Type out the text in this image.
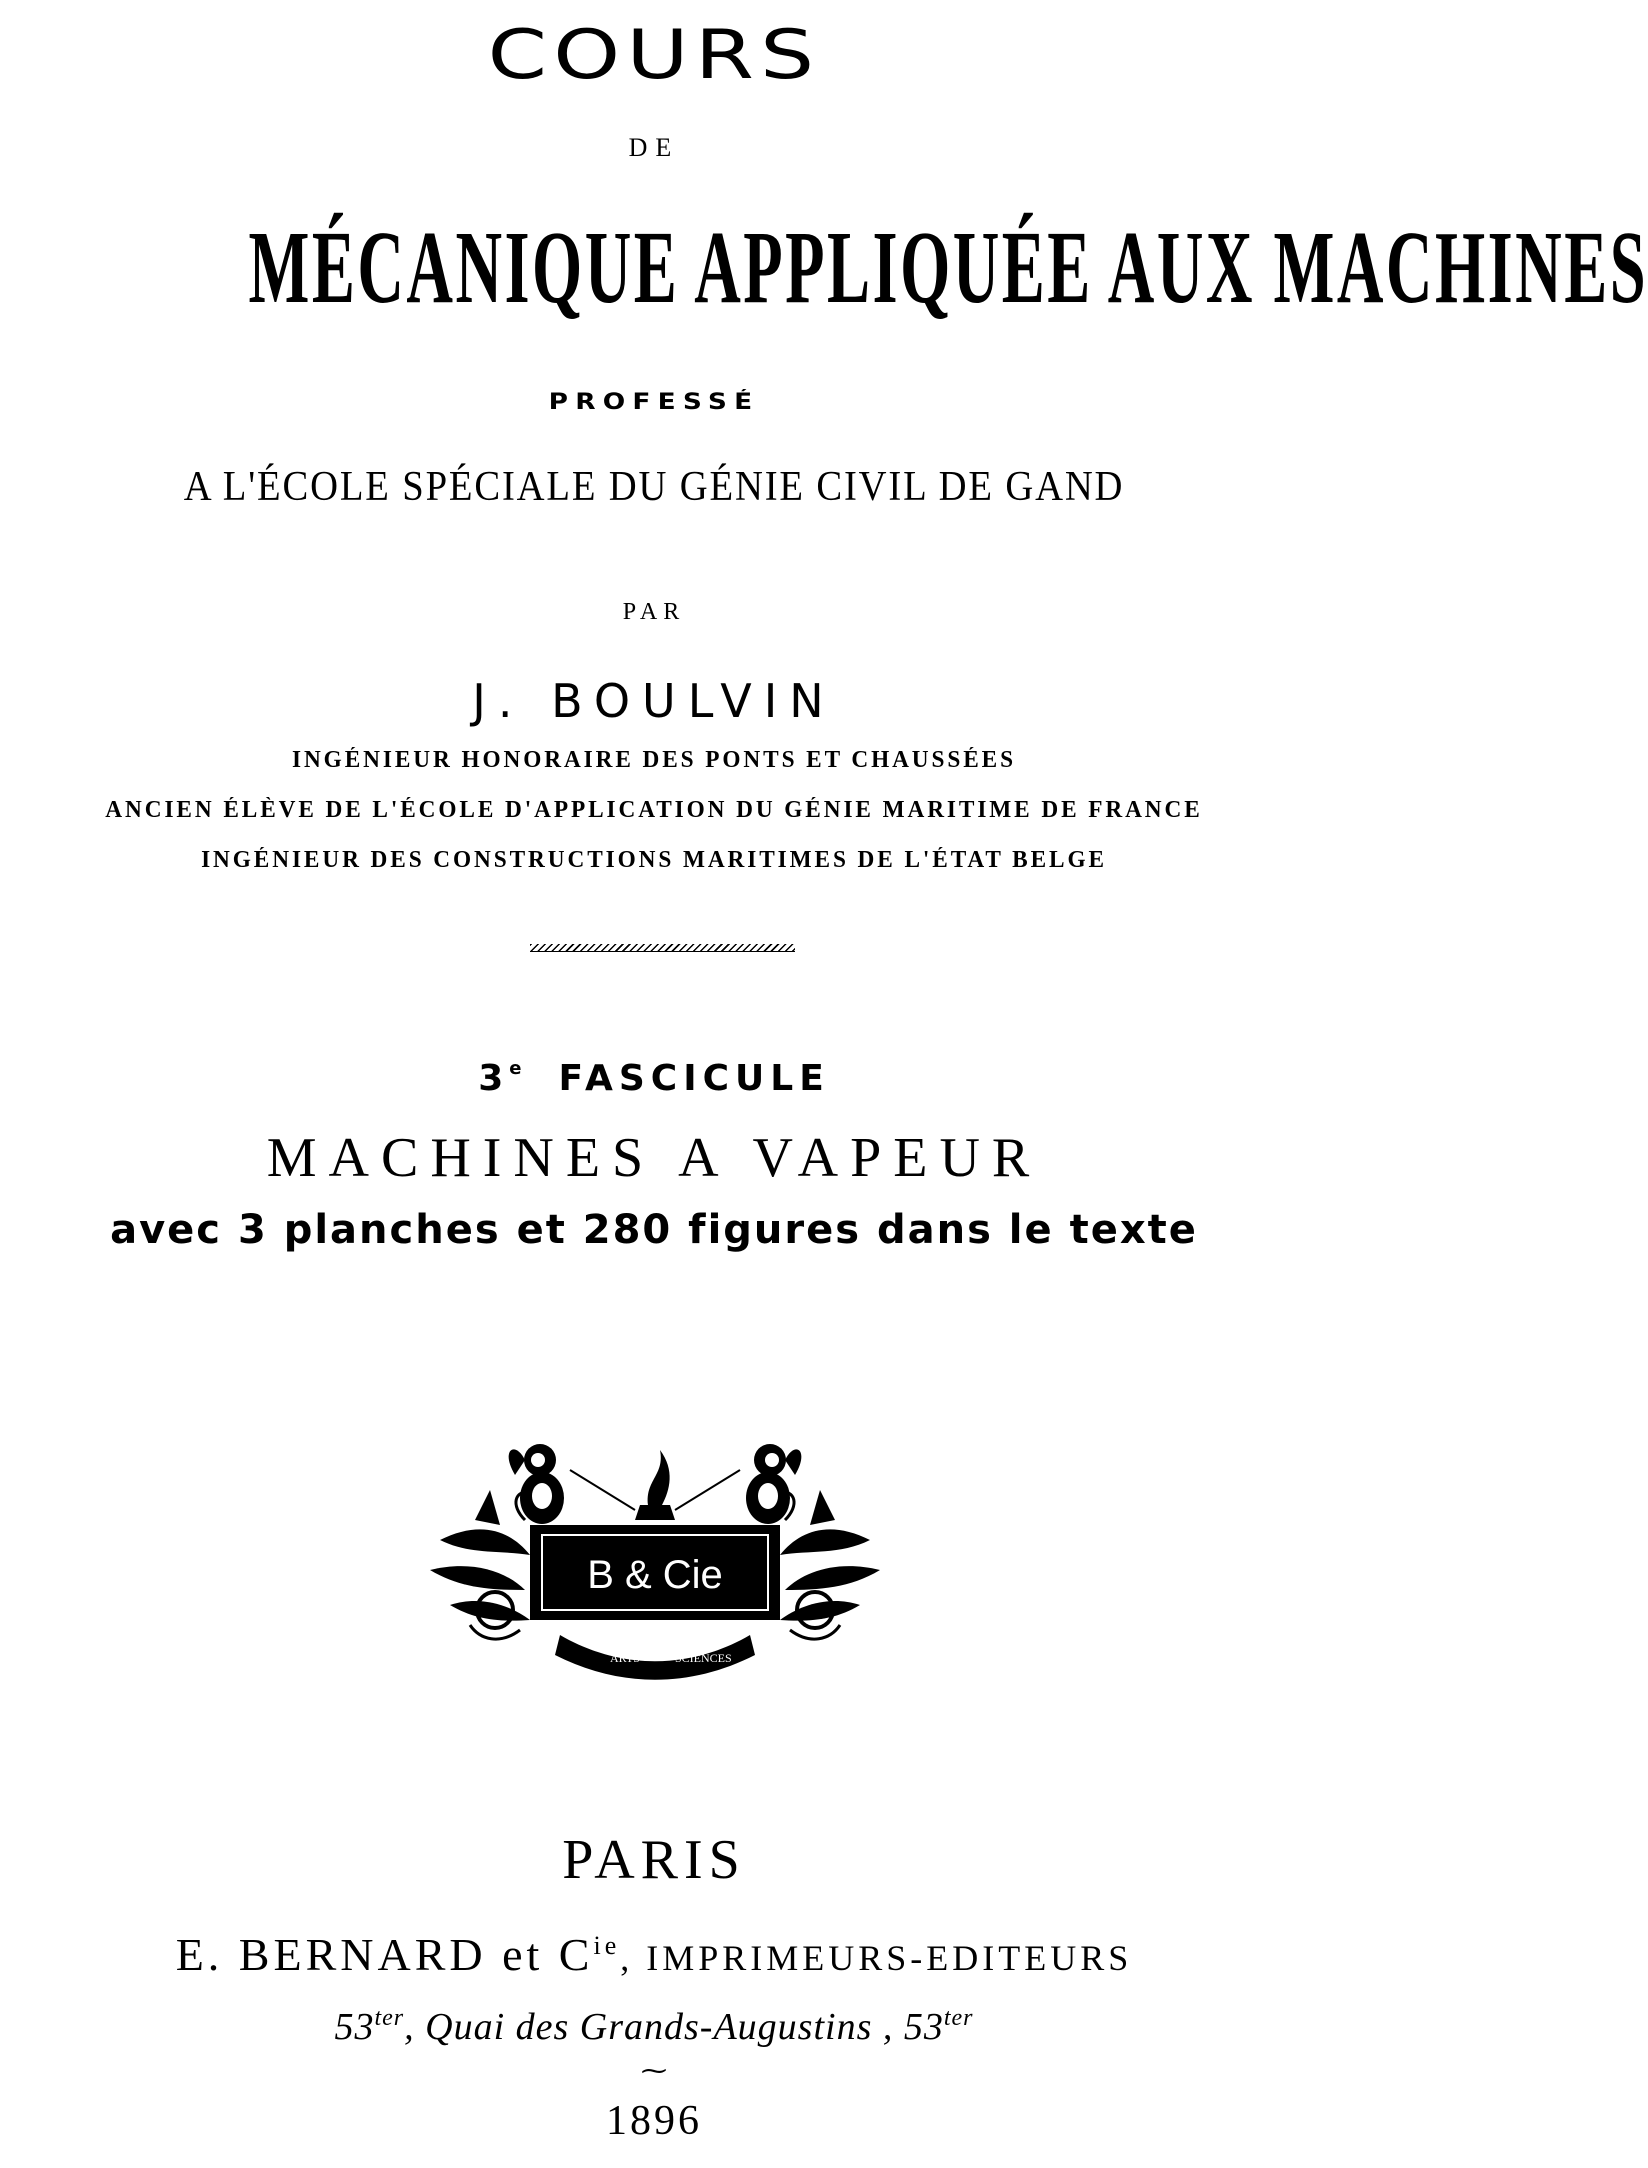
COURS
DE
MÉCANIQUE APPLIQUÉE AUX MACHINES
PROFESSÉ
A L'ÉCOLE SPÉCIALE DU GÉNIE CIVIL DE GAND
PAR
J. BOULVIN
INGÉNIEUR HONORAIRE DES PONTS ET CHAUSSÉES
ANCIEN ÉLÈVE DE L'ÉCOLE D'APPLICATION DU GÉNIE MARITIME DE FRANCE
INGÉNIEUR DES CONSTRUCTIONS MARITIMES DE L'ÉTAT BELGE
3e FASCICULE
MACHINES A VAPEUR
avec 3 planches et 280 figures dans le texte
B & Cie
ARTS	SCIENCES
PARIS
E. BERNARD et $C^{ie}$, IMPRIMEURS-EDITEURS
$53^{ter}$, Quai des Grands-Augustins , $53^{ter}$
⁓
1896
